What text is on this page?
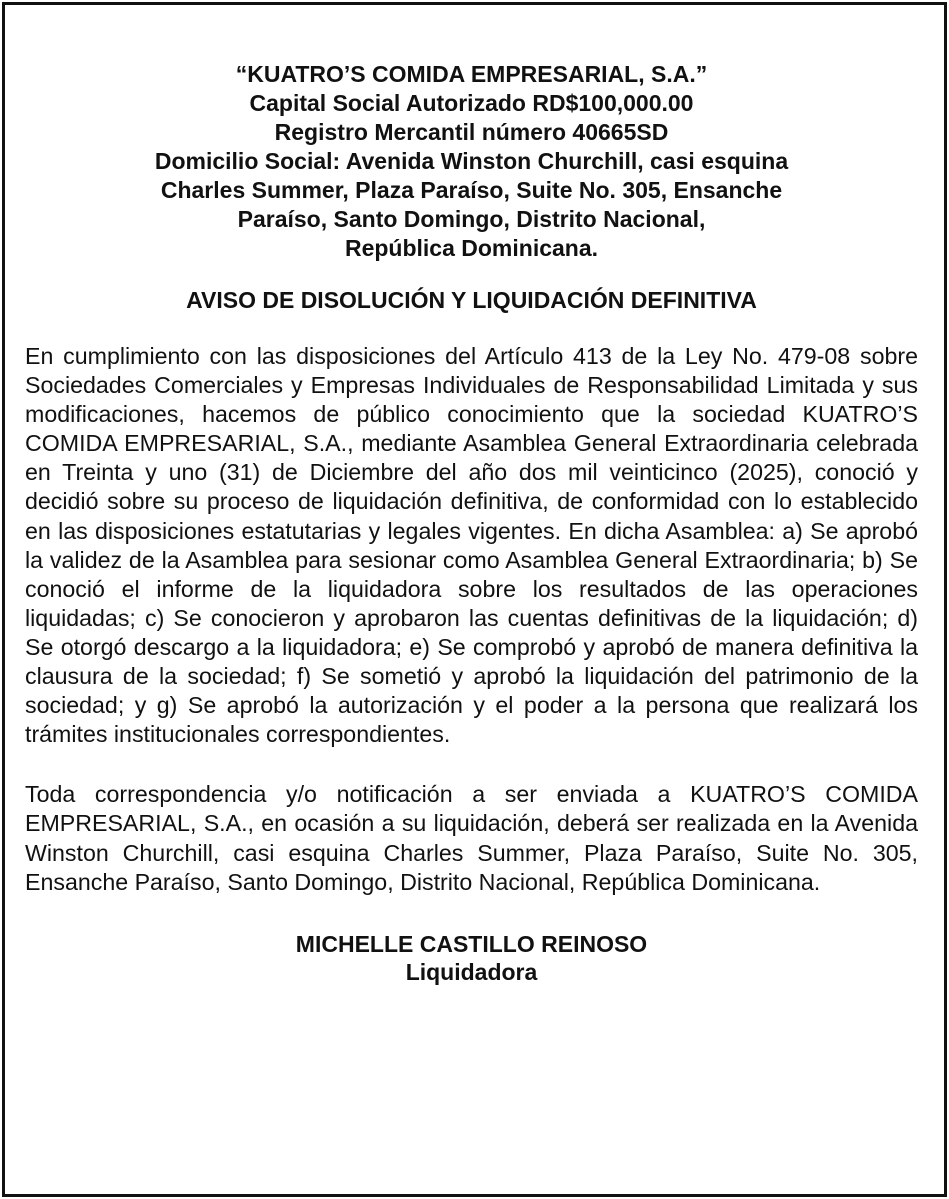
“KUATRO’S COMIDA EMPRESARIAL, S.A.”
Capital Social Autorizado RD$100,000.00
Registro Mercantil número 40665SD
Domicilio Social: Avenida Winston Churchill, casi esquina
Charles Summer, Plaza Paraíso, Suite No. 305, Ensanche
Paraíso, Santo Domingo, Distrito Nacional,
República Dominicana.
AVISO DE DISOLUCIÓN Y LIQUIDACIÓN DEFINITIVA

En cumplimiento con las disposiciones del Artículo 413 de la Ley No. 479-08 sobre Sociedades Comerciales y Empresas Individuales de Responsabilidad Limitada y sus modificaciones, hacemos de público conocimiento que la sociedad KUATRO’S COMIDA EMPRESARIAL, S.A., mediante Asamblea General Extraordinaria celebrada en Treinta y uno (31) de Diciembre del año dos mil veinticinco (2025), conoció y decidió sobre su proceso de liquidación definitiva, de conformidad con lo establecido en las disposiciones estatutarias y legales vigentes. En dicha Asamblea: a) Se aprobó la validez de la Asamblea para sesionar como Asamblea General Extraordinaria; b) Se conoció el informe de la liquidadora sobre los resultados de las operaciones liquidadas; c) Se conocieron y aprobaron las cuentas definitivas de la liquidación; d) Se otorgó descargo a la liquidadora; e) Se comprobó y aprobó de manera definitiva la clausura de la sociedad; f) Se sometió y aprobó la liquidación del patrimonio de la sociedad; y g) Se aprobó la autorización y el poder a la persona que realizará los trámites institucionales correspondientes.

Toda correspondencia y/o notificación a ser enviada a KUATRO’S COMIDA EMPRESARIAL, S.A., en ocasión a su liquidación, deberá ser realizada en la Avenida Winston Churchill, casi esquina Charles Summer, Plaza Paraíso, Suite No. 305, Ensanche Paraíso, Santo Domingo, Distrito Nacional, República Dominicana.

MICHELLE CASTILLO REINOSO
Liquidadora
